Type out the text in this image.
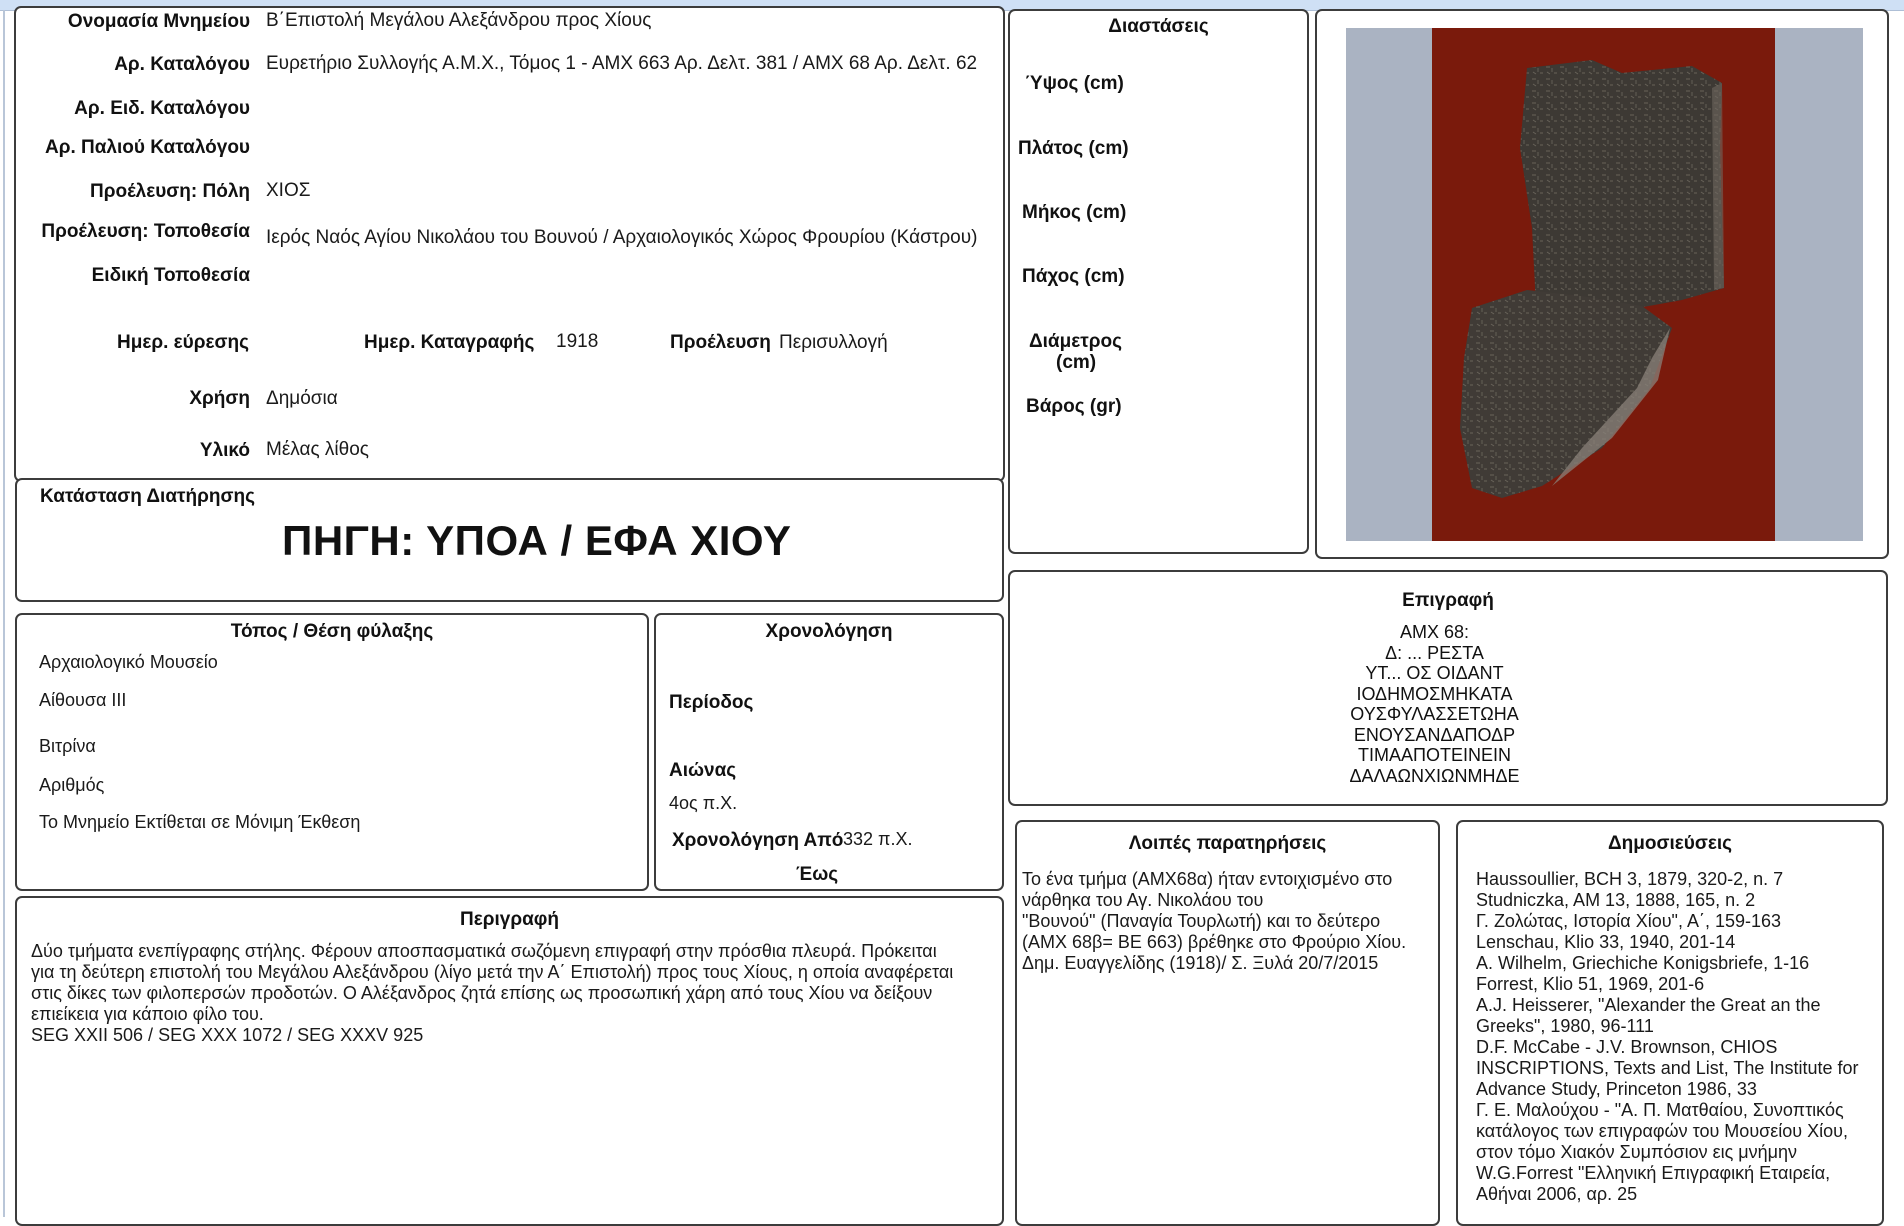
Ονομασία Μνημείου Β΄Επιστολή Μεγάλου Αλεξάνδρου προς Χίους
Αρ. Καταλόγου Ευρετήριο Συλλογής Α.Μ.Χ., Τόμος 1 - ΑΜΧ 663 Αρ. Δελτ. 381 / ΑΜΧ 68 Αρ. Δελτ. 62
Αρ. Ειδ. Καταλόγου
Αρ. Παλιού Καταλόγου
Προέλευση: Πόλη ΧΙΟΣ
Προέλευση: Τοποθεσία Ιερός Ναός Αγίου Νικολάου του Βουνού / Αρχαιολογικός Χώρος Φρουρίου (Κάστρου)
Ειδική Τοποθεσία
Ημερ. εύρεσης	Ημερ. Καταγραφής 1918	Προέλευση Περισυλλογή
Χρήση Δημόσια
Υλικό Μέλας λίθος
Κατάσταση Διατήρησης
ΠΗΓΗ: ΥΠΟΑ / ΕΦΑ ΧΙΟΥ
Διαστάσεις
Ύψος (cm)
Πλάτος (cm)
Μήκος (cm)
Πάχος (cm)
Διάμετρος
(cm)
Βάρος (gr)
Επιγραφή
ΑΜΧ 68:
Δ: ... ΡΕΣΤΑ
ΥΤ... ΟΣ ΟΙΔΑΝΤ
ΙΟΔΗΜΟΣΜΗΚΑΤΑ
ΟΥΣΦΥΛΑΣΣΕΤΩΗΑ
ΕΝΟΥΣΑΝΔΑΠΟΔΡ
ΤΙΜΑΑΠΟΤΕΙΝΕΙΝ
ΔΑΛΑΩΝΧΙΩΝΜΗΔΕ
Τόπος / Θέση φύλαξης
Αρχαιολογικό Μουσείο
Αίθουσα ΙΙΙ
Βιτρίνα
Αριθμός
Το Μνημείο Εκτίθεται σε Μόνιμη Έκθεση
Χρονολόγηση
Περίοδος
Αιώνας
4ος π.Χ.
Χρονολόγηση Από 332 π.Χ.
Έως
Περιγραφή
Δύο τμήματα ενεπίγραφης στήλης. Φέρουν αποσπασματικά σωζόμενη επιγραφή στην πρόσθια πλευρά. Πρόκειται
για τη δεύτερη επιστολή του Μεγάλου Αλεξάνδρου (λίγο μετά την Α΄ Επιστολή) προς τους Χίους, η οποία αναφέρεται
στις δίκες των φιλοπερσών προδοτών. Ο Αλέξανδρος ζητά επίσης ως προσωπική χάρη από τους Χίου να δείξουν
επιείκεια για κάποιο φίλο του.
SEG XXII 506 / SEG XXX 1072 / SEG XXXV 925
Λοιπές παρατηρήσεις
Το ένα τμήμα (ΑΜΧ68α) ήταν εντοιχισμένο στο
νάρθηκα του Αγ. Νικολάου του
"Βουνού" (Παναγία Τουρλωτή) και το δεύτερο
(ΑΜΧ 68β= ΒΕ 663) βρέθηκε στο Φρούριο Χίου.
Δημ. Ευαγγελίδης (1918)/ Σ. Ξυλά 20/7/2015
Δημοσιεύσεις
Haussoullier, BCH 3, 1879, 320-2, n. 7
Studniczka, AM 13, 1888, 165, n. 2
Γ. Ζολώτας, Ιστορία Χίου", Α΄, 159-163
Lenschau, Klio 33, 1940, 201-14
A. Wilhelm, Griechiche Konigsbriefe, 1-16
Forrest, Klio 51, 1969, 201-6
A.J. Heisserer, "Alexander the Great an the
Greeks", 1980, 96-111
D.F. McCabe - J.V. Brownson, CHIOS
INSCRIPTIONS, Texts and List, The Institute for
Advance Study, Princeton 1986, 33
Γ. Ε. Μαλούχου - "Α. Π. Ματθαίου, Συνοπτικός
κατάλογος των επιγραφών του Μουσείου Χίου,
στον τόμο Χιακόν Συμπόσιον εις μνήμην
W.G.Forrest "Ελληνική Επιγραφική Εταιρεία,
Αθήναι 2006, αρ. 25
